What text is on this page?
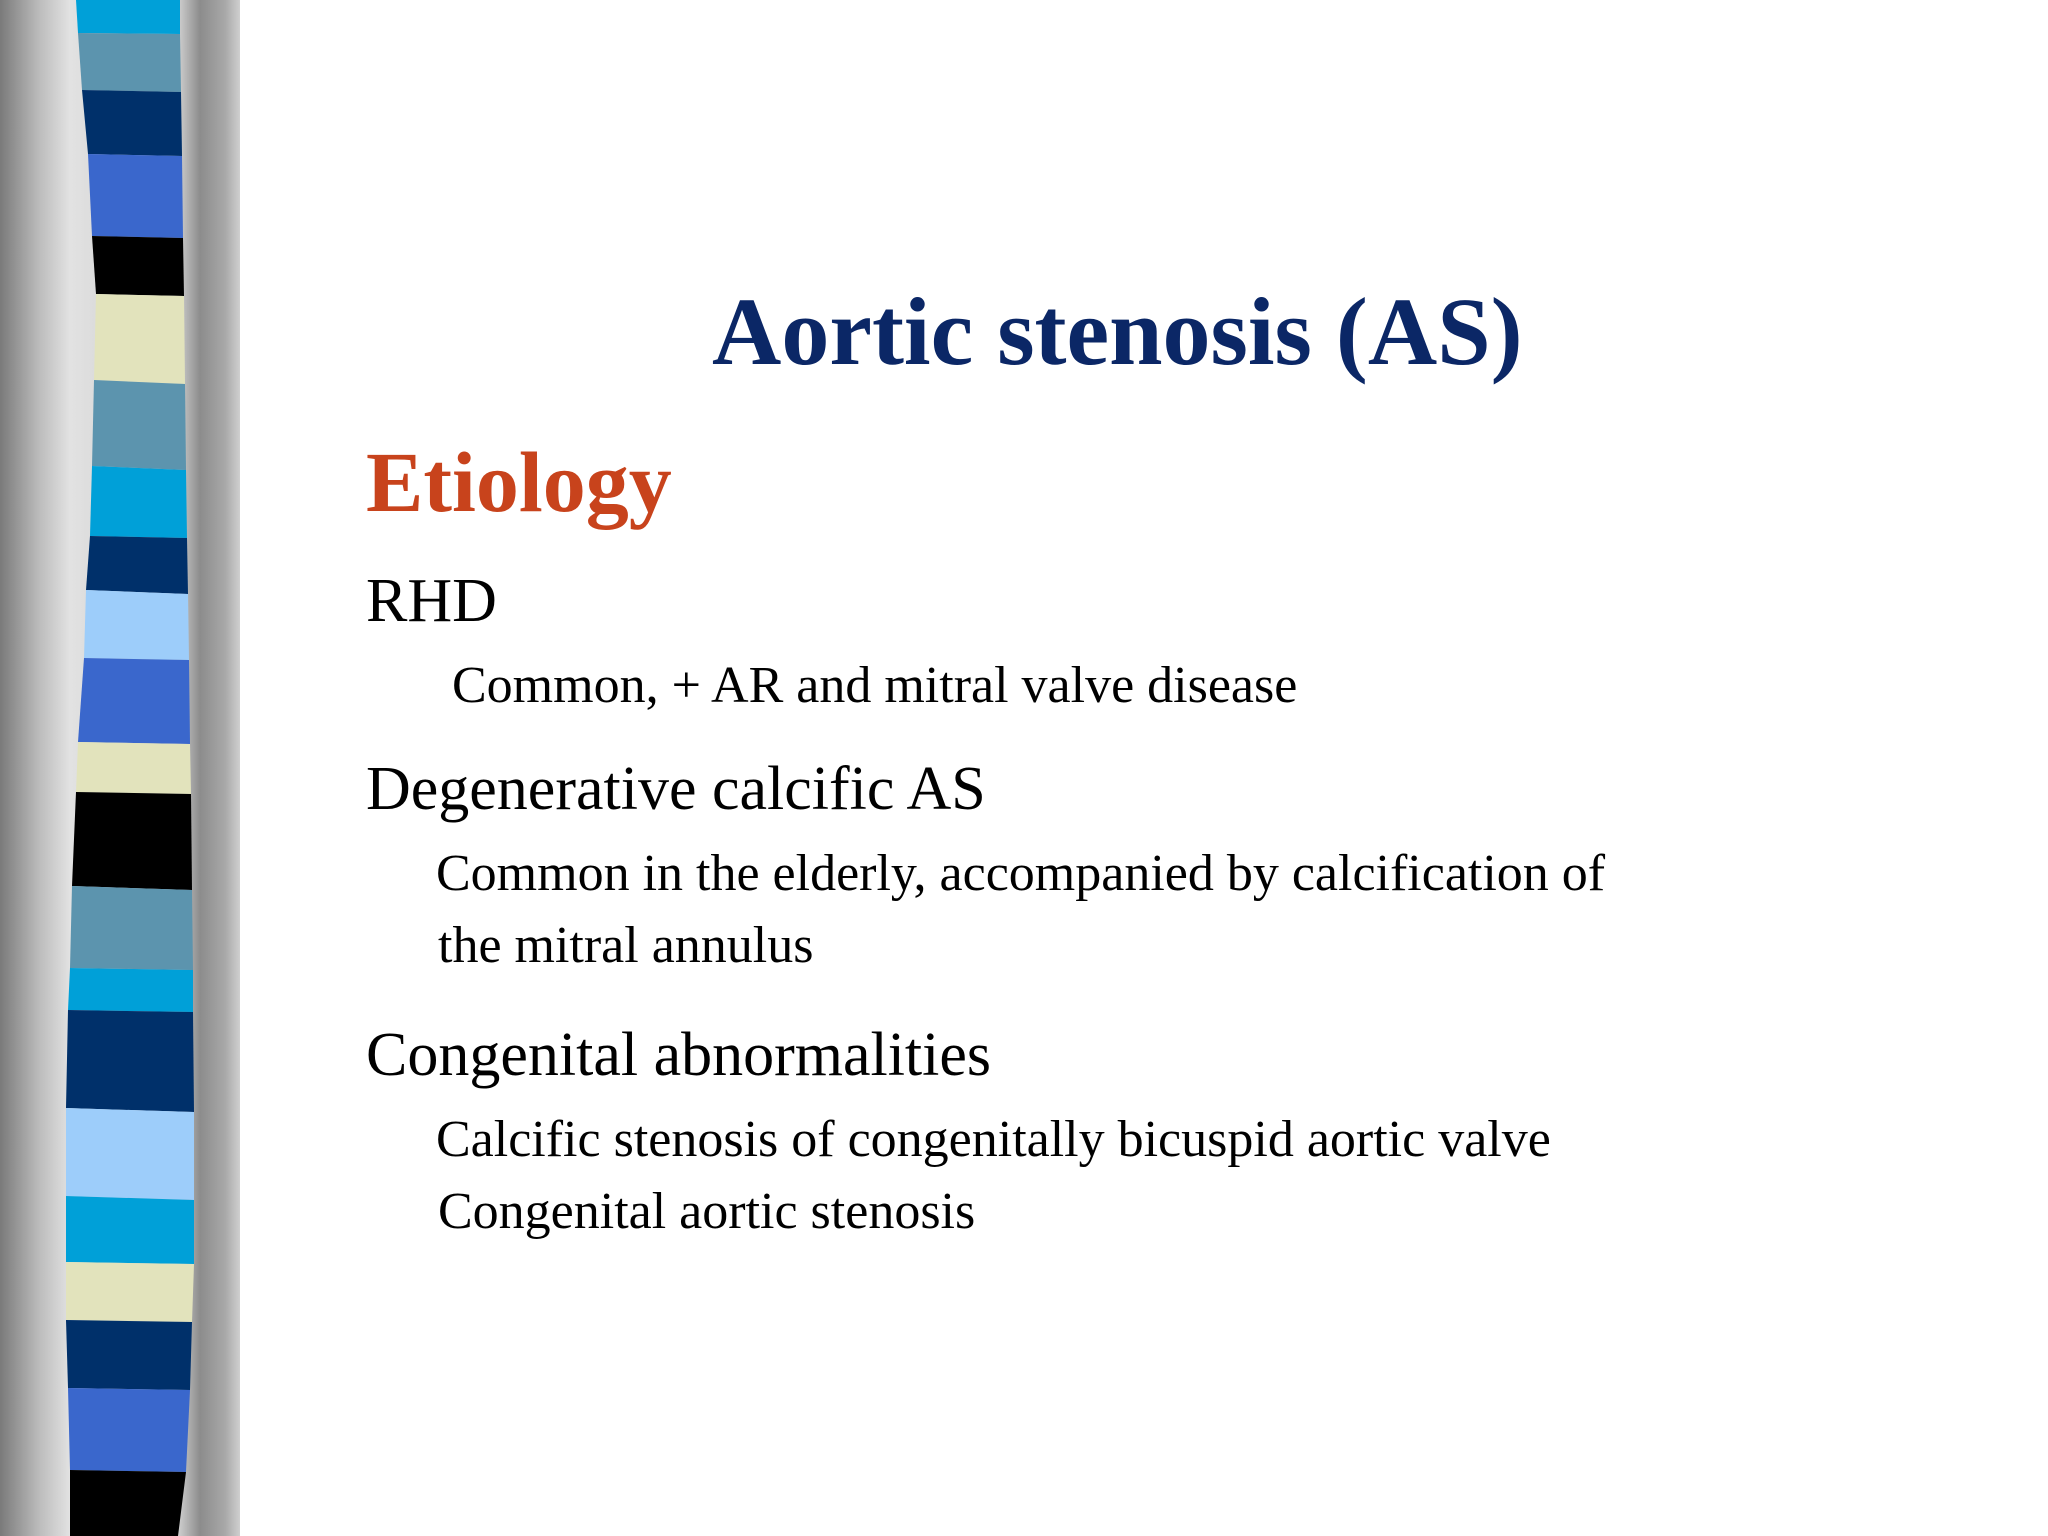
Aortic stenosis (AS)
Etiology
RHD
Common, + AR and mitral valve disease
Degenerative calcific AS
Common in the elderly, accompanied by calcification of
the mitral annulus
Congenital abnormalities
Calcific stenosis of congenitally bicuspid aortic valve
Congenital aortic stenosis
